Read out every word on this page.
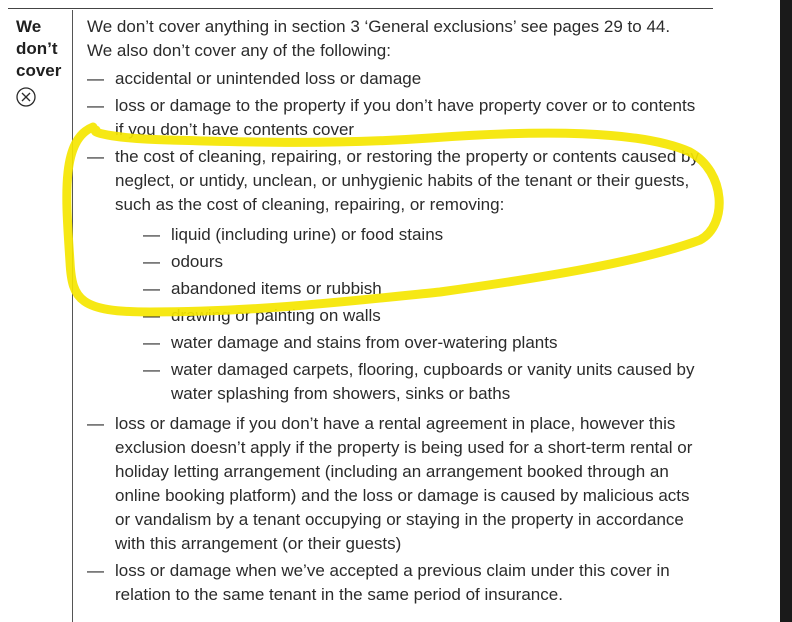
We
don’t
cover

We don’t cover anything in section 3 ‘General exclusions’ see pages 29 to 44.
We also don’t cover any of the following:

— accidental or unintended loss or damage
— loss or damage to the property if you don’t have property cover or to contents if you don’t have contents cover
— the cost of cleaning, repairing, or restoring the property or contents caused by neglect, or untidy, unclean, or unhygienic habits of the tenant or their guests, such as the cost of cleaning, repairing, or removing:
— liquid (including urine) or food stains
— odours
— abandoned items or rubbish
— drawing or painting on walls
— water damage and stains from over-watering plants
— water damaged carpets, flooring, cupboards or vanity units caused by water splashing from showers, sinks or baths
— loss or damage if you don’t have a rental agreement in place, however this exclusion doesn’t apply if the property is being used for a short-term rental or holiday letting arrangement (including an arrangement booked through an online booking platform) and the loss or damage is caused by malicious acts or vandalism by a tenant occupying or staying in the property in accordance with this arrangement (or their guests)
— loss or damage when we’ve accepted a previous claim under this cover in relation to the same tenant in the same period of insurance.
